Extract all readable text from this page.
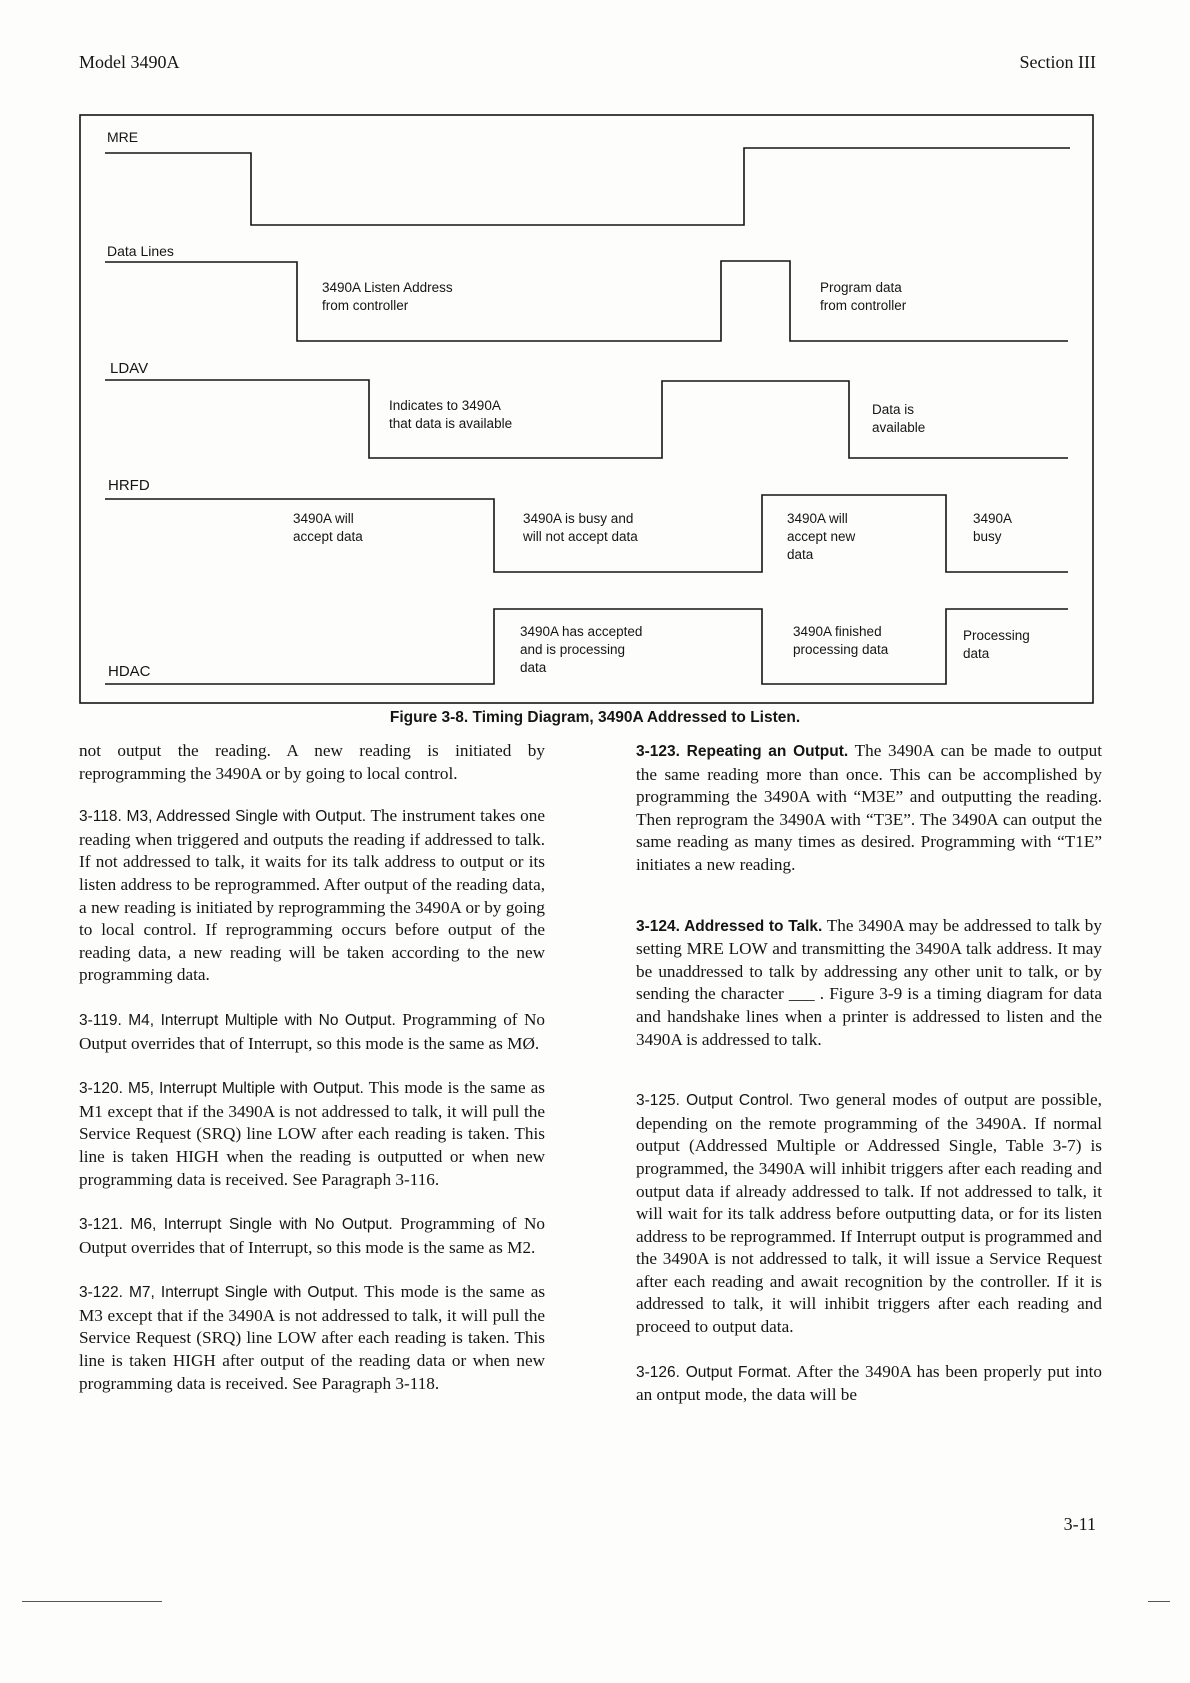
Model 3490A	Section III
MRE
Data Lines
LDAV
HRFD
HDAC
3490A Listen Address
from controller
Program data
from controller
Indicates to 3490A
that data is available
Data is
available
3490A will
accept data
3490A is busy and
will not accept data
3490A will
accept new
data
3490A
busy
3490A has accepted
and is processing
data
3490A finished
processing data
Processing
data
Figure 3-8. Timing Diagram, 3490A Addressed to Listen.

not output the reading. A new reading is initiated by reprogramming the 3490A or by going to local control.

3-118. M3, Addressed Single with Output. The instrument takes one reading when triggered and outputs the reading if addressed to talk. If not addressed to talk, it waits for its talk address to output or its listen address to be reprogrammed. After output of the reading data, a new reading is initiated by reprogramming the 3490A or by going to local control. If reprogramming occurs before output of the reading data, a new reading will be taken according to the new programming data.

3-119. M4, Interrupt Multiple with No Output. Programming of No Output overrides that of Interrupt, so this mode is the same as MØ.

3-120. M5, Interrupt Multiple with Output. This mode is the same as M1 except that if the 3490A is not addressed to talk, it will pull the Service Request (SRQ) line LOW after each reading is taken. This line is taken HIGH when the reading is outputted or when new programming data is received. See Paragraph 3-116.

3-121. M6, Interrupt Single with No Output. Programming of No Output overrides that of Interrupt, so this mode is the same as M2.

3-122. M7, Interrupt Single with Output. This mode is the same as M3 except that if the 3490A is not addressed to talk, it will pull the Service Request (SRQ) line LOW after each reading is taken. This line is taken HIGH after output of the reading data or when new programming data is received. See Paragraph 3-118.

3-123. Repeating an Output. The 3490A can be made to output the same reading more than once. This can be accomplished by programming the 3490A with “M3E” and outputting the reading. Then reprogram the 3490A with “T3E”. The 3490A can output the same reading as many times as desired. Programming with “T1E” initiates a new reading.

3-124. Addressed to Talk. The 3490A may be addressed to talk by setting MRE LOW and transmitting the 3490A talk address. It may be unaddressed to talk by addressing any other unit to talk, or by sending the character ___ . Figure 3-9 is a timing diagram for data and handshake lines when a printer is addressed to listen and the 3490A is addressed to talk.

3-125. Output Control. Two general modes of output are possible, depending on the remote programming of the 3490A. If normal output (Addressed Multiple or Addressed Single, Table 3-7) is programmed, the 3490A will inhibit triggers after each reading and output data if already addressed to talk. If not addressed to talk, it will wait for its talk address before outputting data, or for its listen address to be reprogrammed. If Interrupt output is programmed and the 3490A is not addressed to talk, it will issue a Service Request after each reading and await recognition by the controller. If it is addressed to talk, it will inhibit triggers after each reading and proceed to output data.

3-126. Output Format. After the 3490A has been properly put into an ontput mode, the data will be

3-11
